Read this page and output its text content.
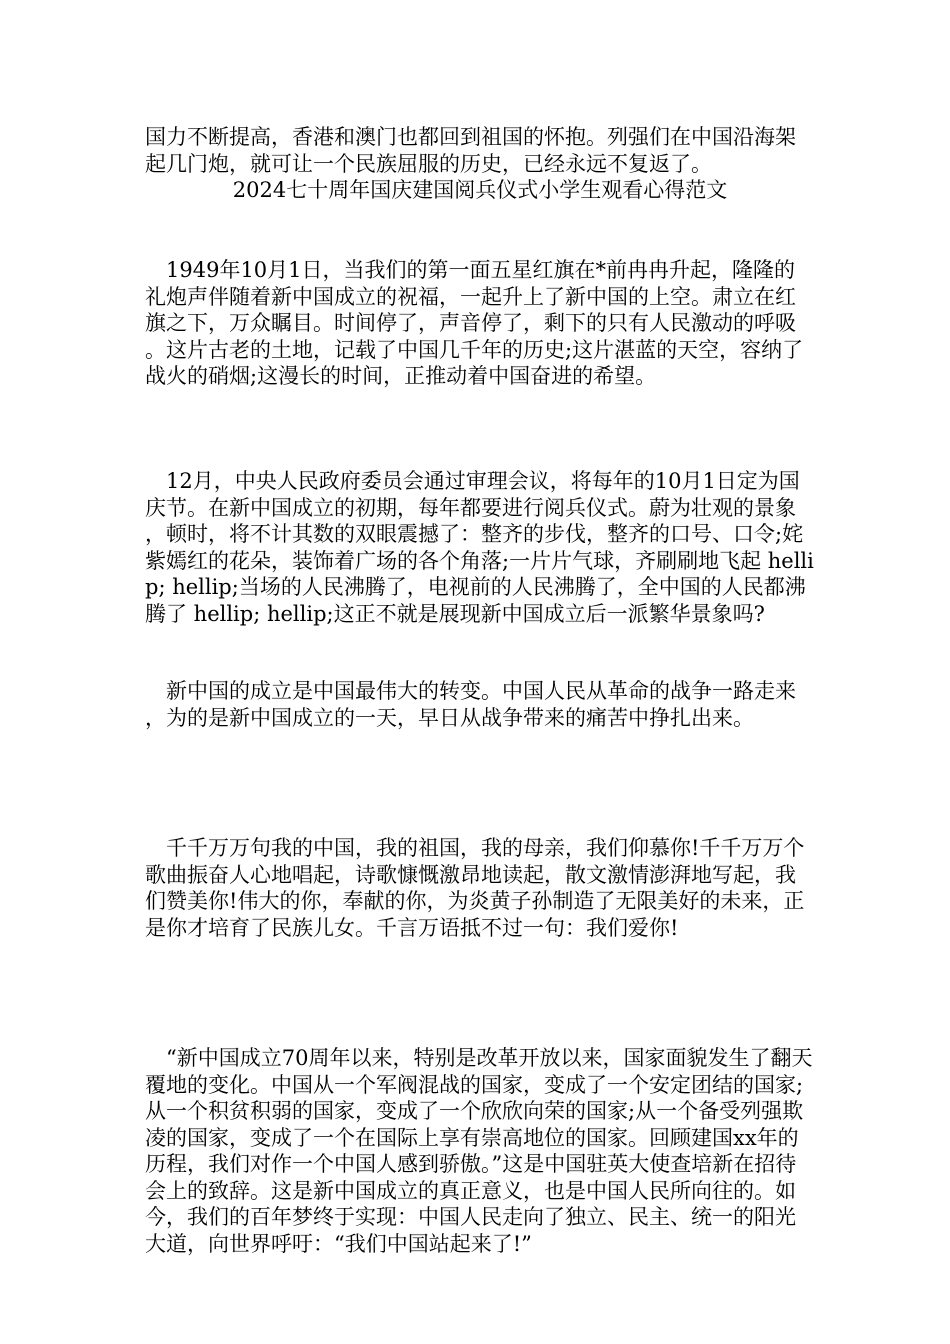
国力不断提高，香港和澳门也都回到祖国的怀抱。列强们在中国沿海架起几门炮，就可让一个民族屈服的历史，已经永远不复返了。

2024七十周年国庆建国阅兵仪式小学生观看心得范文

1949年10月1日，当我们的第一面五星红旗在*前冉冉升起，隆隆的礼炮声伴随着新中国成立的祝福，一起升上了新中国的上空。肃立在红旗之下，万众瞩目。时间停了，声音停了，剩下的只有人民激动的呼吸。这片古老的土地，记载了中国几千年的历史;这片湛蓝的天空，容纳了战火的硝烟;这漫长的时间，正推动着中国奋进的希望。

12月，中央人民政府委员会通过审理会议，将每年的10月1日定为国庆节。在新中国成立的初期，每年都要进行阅兵仪式。蔚为壮观的景象，顿时，将不计其数的双眼震撼了：整齐的步伐，整齐的口号、口令;姹紫嫣红的花朵，装饰着广场的各个角落;一片片气球，齐刷刷地飞起 hellip; hellip;当场的人民沸腾了，电视前的人民沸腾了，全中国的人民都沸腾了 hellip; hellip;这正不就是展现新中国成立后一派繁华景象吗?

新中国的成立是中国最伟大的转变。中国人民从革命的战争一路走来，为的是新中国成立的一天，早日从战争带来的痛苦中挣扎出来。

千千万万句我的中国，我的祖国，我的母亲，我们仰慕你!千千万万个歌曲振奋人心地唱起，诗歌慷慨激昂地读起，散文激情澎湃地写起，我们赞美你!伟大的你，奉献的你，为炎黄子孙制造了无限美好的未来，正是你才培育了民族儿女。千言万语抵不过一句：我们爱你!

“新中国成立70周年以来，特别是改革开放以来，国家面貌发生了翻天覆地的变化。中国从一个军阀混战的国家，变成了一个安定团结的国家;从一个积贫积弱的国家，变成了一个欣欣向荣的国家;从一个备受列强欺凌的国家，变成了一个在国际上享有崇高地位的国家。回顾建国xx年的历程，我们对作一个中国人感到骄傲。”这是中国驻英大使查培新在招待会上的致辞。这是新中国成立的真正意义，也是中国人民所向往的。如今，我们的百年梦终于实现：中国人民走向了独立、民主、统一的阳光大道，向世界呼吁：“我们中国站起来了!”
